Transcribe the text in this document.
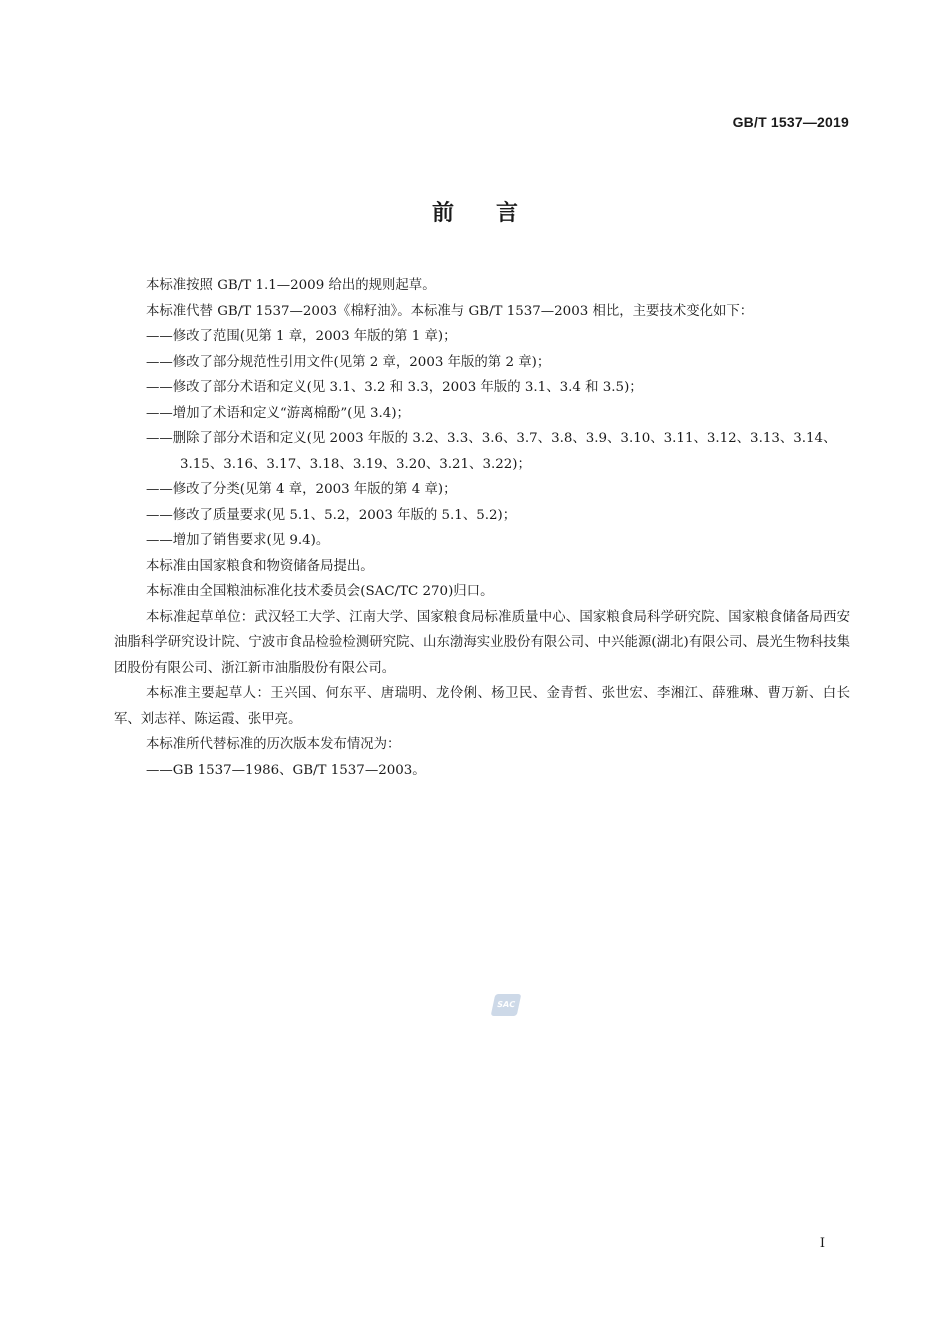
GB/T 1537—2019
前言

本标准按照 GB/T 1.1—2009 给出的规则起草。

本标准代替 GB/T 1537—2003《棉籽油》。本标准与 GB/T 1537—2003 相比，主要技术变化如下：

——修改了范围(见第 1 章，2003 年版的第 1 章)；

——修改了部分规范性引用文件(见第 2 章，2003 年版的第 2 章)；

——修改了部分术语和定义(见 3.1、3.2 和 3.3，2003 年版的 3.1、3.4 和 3.5)；

——增加了术语和定义“游离棉酚”(见 3.4)；

——删除了部分术语和定义(见 2003 年版的 3.2、3.3、3.6、3.7、3.8、3.9、3.10、3.11、3.12、3.13、3.14、

3.15、3.16、3.17、3.18、3.19、3.20、3.21、3.22)；

——修改了分类(见第 4 章，2003 年版的第 4 章)；

——修改了质量要求(见 5.1、5.2，2003 年版的 5.1、5.2)；

——增加了销售要求(见 9.4)。

本标准由国家粮食和物资储备局提出。

本标准由全国粮油标准化技术委员会(SAC/TC 270)归口。

本标准起草单位：武汉轻工大学、江南大学、国家粮食局标准质量中心、国家粮食局科学研究院、国家粮食储备局西安油脂科学研究设计院、宁波市食品检验检测研究院、山东渤海实业股份有限公司、中兴能源(湖北)有限公司、晨光生物科技集团股份有限公司、浙江新市油脂股份有限公司。

本标准主要起草人：王兴国、何东平、唐瑞明、龙伶俐、杨卫民、金青哲、张世宏、李湘江、薛雅琳、曹万新、白长军、刘志祥、陈运霞、张甲亮。

本标准所代替标准的历次版本发布情况为：

——GB 1537—1986、GB/T 1537—2003。

SAC
I
